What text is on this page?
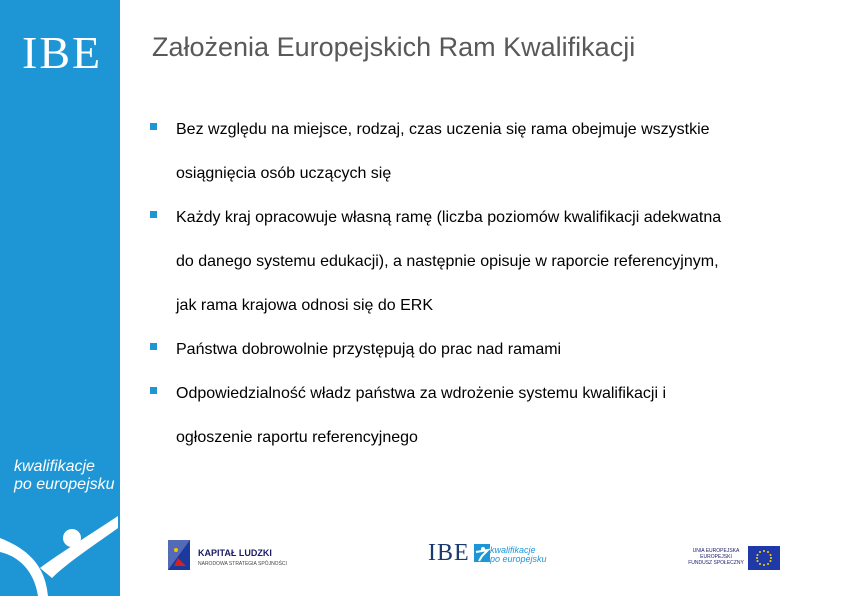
IBE
kwalifikacje
po europejsku
Założenia Europejskich Ram Kwalifikacji
Bez względu na miejsce, rodzaj, czas uczenia się rama obejmuje wszystkie
osiągnięcia osób uczących się
Każdy kraj opracowuje własną ramę (liczba poziomów kwalifikacji adekwatna
do danego systemu edukacji), a następnie opisuje w raporcie referencyjnym,
jak rama krajowa odnosi się do ERK
Państwa dobrowolnie przystępują do prac nad ramami
Odpowiedzialność władz państwa za wdrożenie systemu kwalifikacji i
ogłoszenie raportu referencyjnego
KAPITAŁ LUDZKI
NARODOWA STRATEGIA SPÓJNOŚCI	IBE kwalifikacje
po europejsku
UNIA EUROPEJSKA
EUROPEJSKI
FUNDUSZ SPOŁECZNY
